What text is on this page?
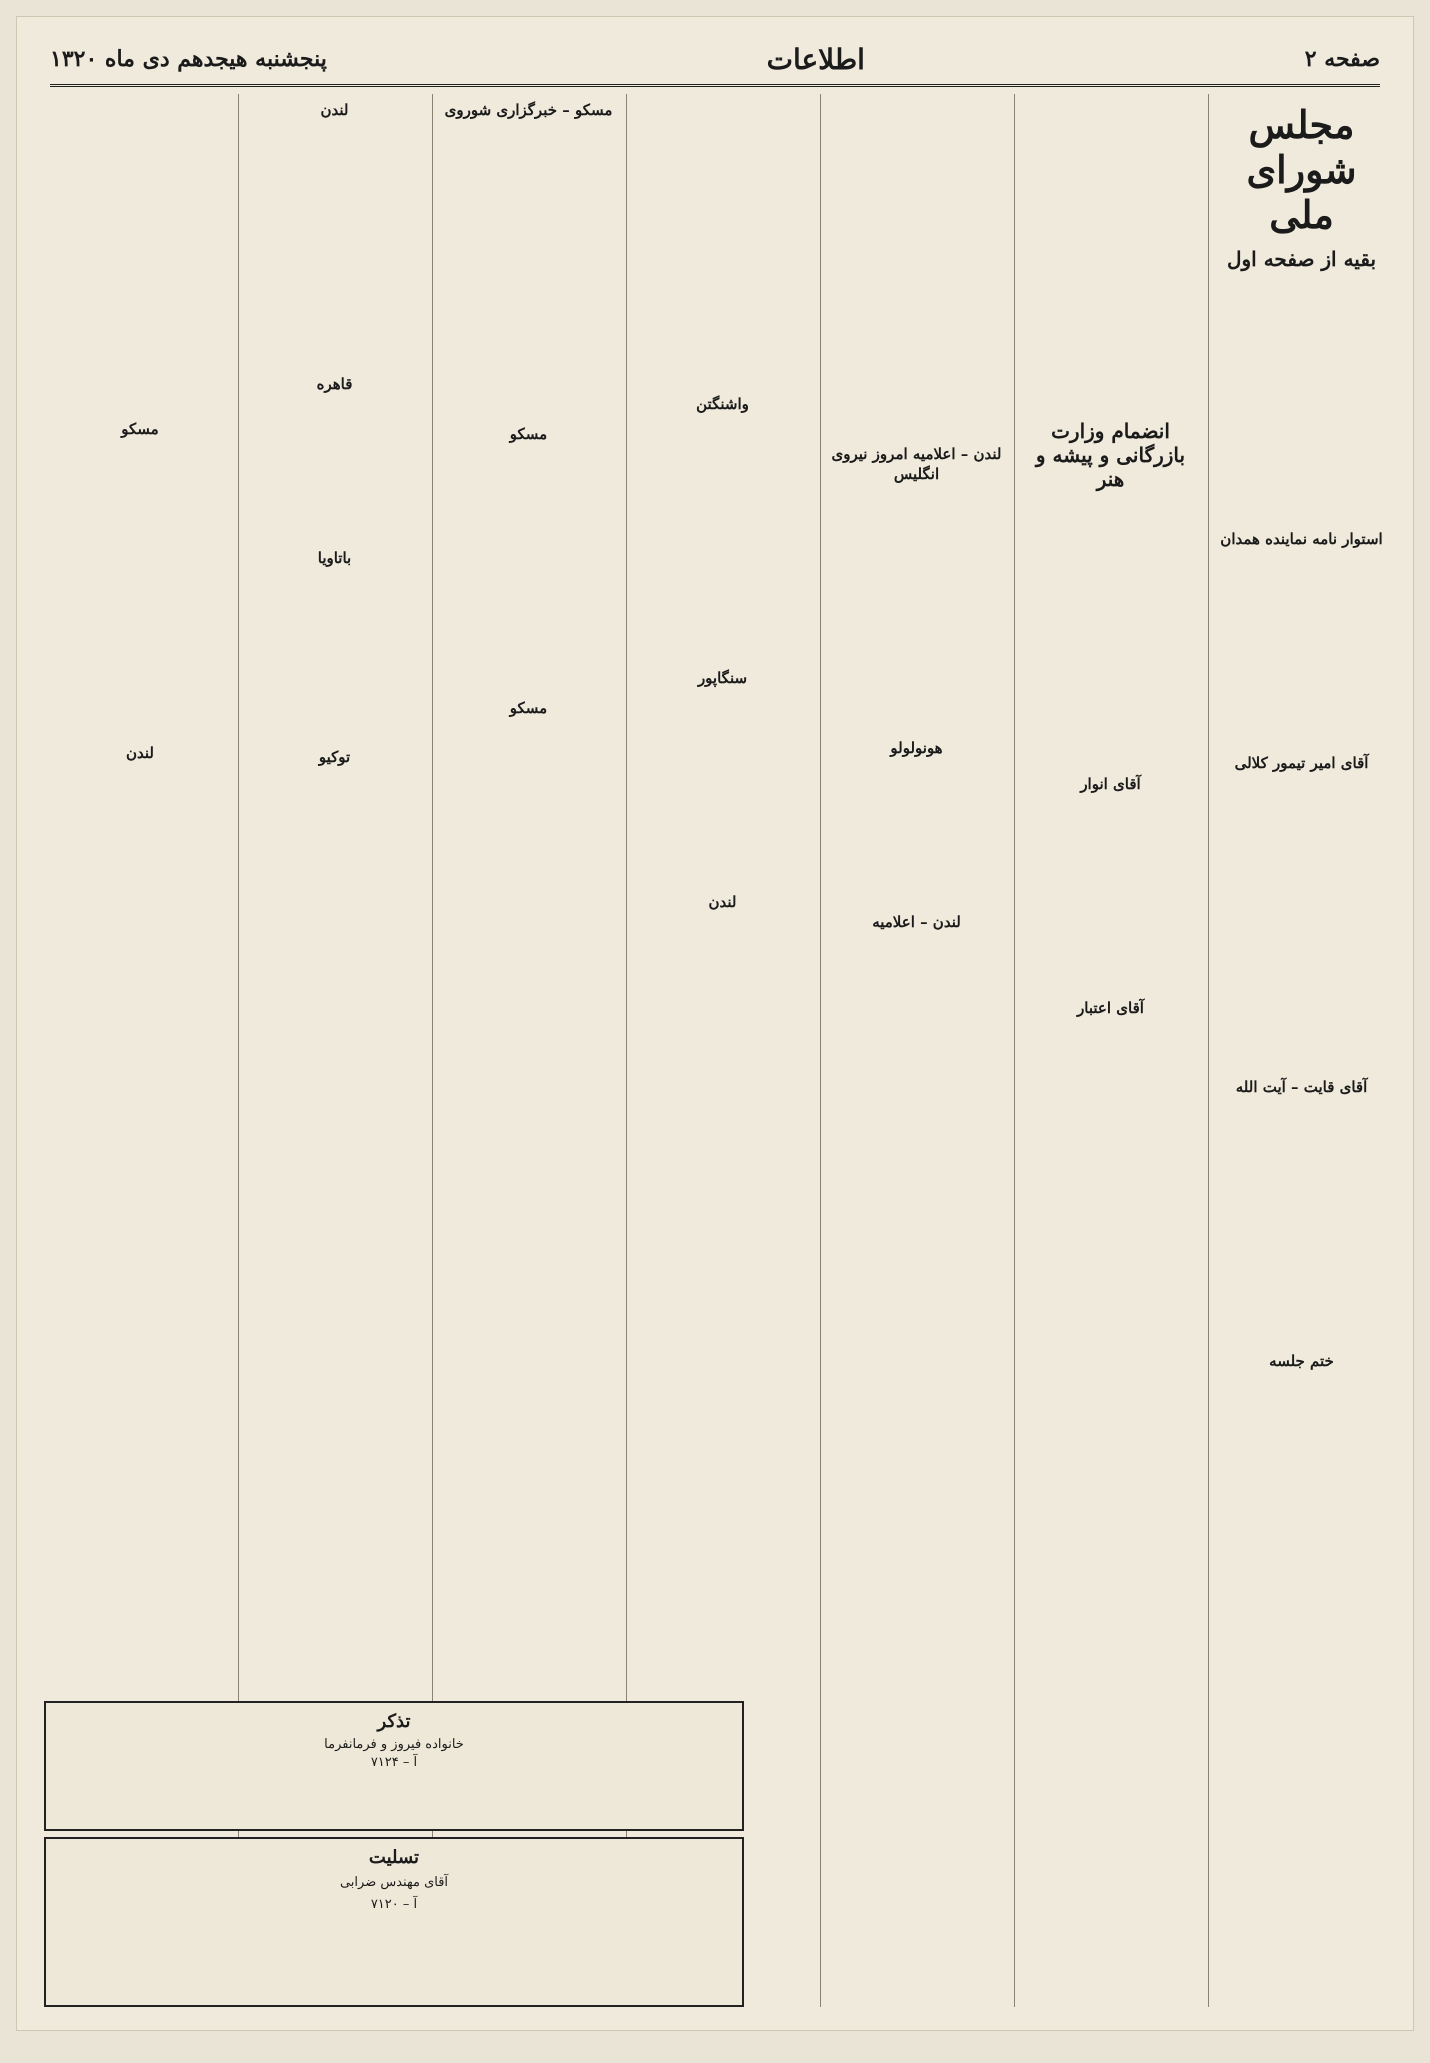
صفحه ۲
اطلاعات
پنجشنبه هیجدهم دی ماه ۱۳۲۰
مجلس شورای ملی
بقیه از صفحه اول

استوار نامه نماینده همدان

آقای امیر تیمور کلالی

آقای قایت – آیت الله

ختم جلسه

انضمام وزارت بازرگانی و پیشه و هنر

آقای انوار

آقای اعتبار

لندن – اعلامیه امروز نیروی انگلیس

هونولولو

لندن – اعلامیه

واشنگتن

سنگاپور

لندن

مسکو – خبرگزاری شوروی

مسکو

مسکو

لندن

قاهره

باتاویا

توکیو

مسکو

لندن

تذکر

خانواده فیروز و فرمانفرما

آ – ۷۱۲۴

تسلیت

آقای مهندس ضرابی

آ – ۷۱۲۰
